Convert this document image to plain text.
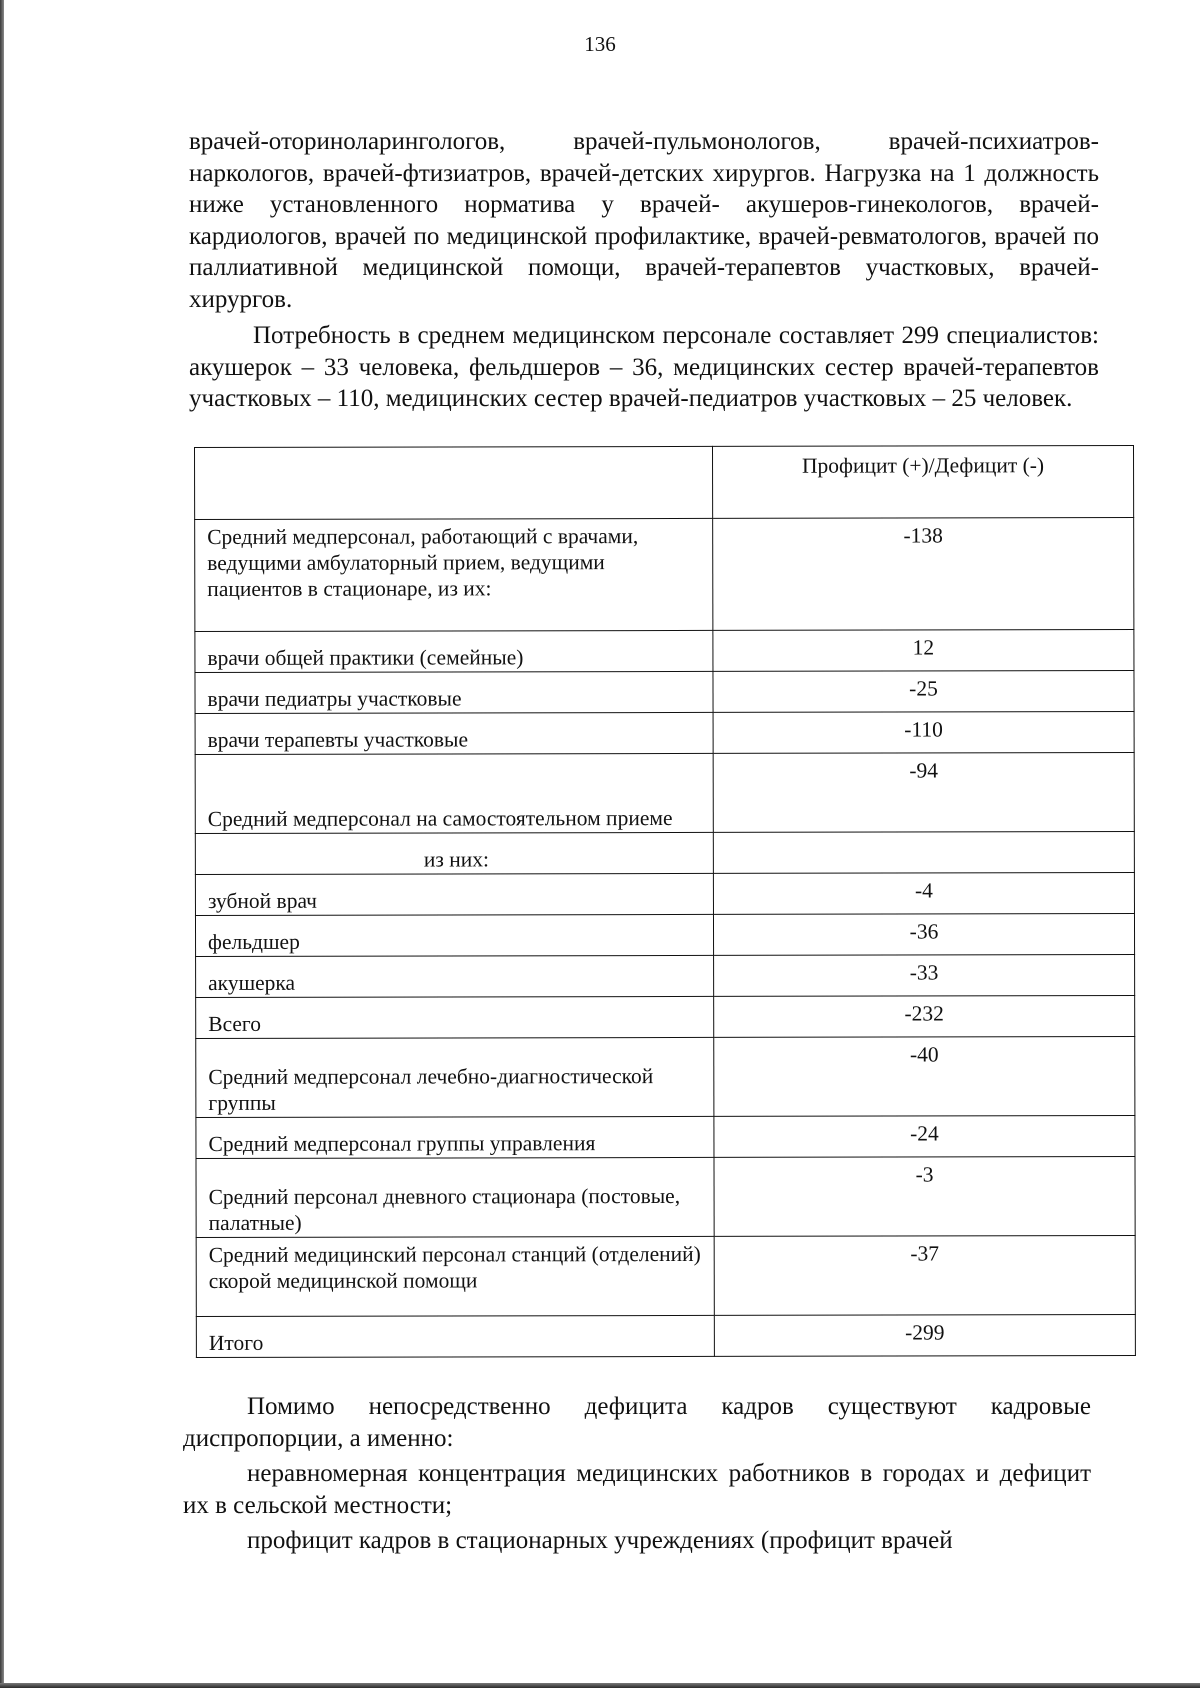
136
врачей-оториноларингологов, врачей-пульмонологов, врачей-психиатров-наркологов, врачей-фтизиатров, врачей-детских хирургов. Нагрузка на 1 должность ниже установленного норматива у врачей- акушеров-гинекологов, врачей-кардиологов, врачей по медицинской профилактике, врачей-ревматологов, врачей по паллиативной медицинской помощи, врачей-терапевтов участковых, врачей-хирургов.
Потребность в среднем медицинском персонале составляет 299 специалистов: акушерок – 33 человека, фельдшеров – 36, медицинских сестер врачей-терапевтов участковых – 110, медицинских сестер врачей-педиатров участковых – 25 человек.
	Профицит (+)/Дефицит (-)
Средний медперсонал, работающий с врачами, ведущими амбулаторный прием, ведущими пациентов в стационаре, из их:	-138
врачи общей практики (семейные)	12
врачи педиатры участковые	-25
врачи терапевты участковые	-110
Средний медперсонал на самостоятельном приеме	-94
из них:	
зубной врач	-4
фельдшер	-36
акушерка	-33
Всего	-232
Средний медперсонал лечебно-диагностической группы	-40
Средний медперсонал группы управления	-24
Средний персонал дневного стационара (постовые, палатные)	-3
Средний медицинский персонал станций (отделений) скорой медицинской помощи	-37
Итого	-299
Помимо непосредственно дефицита кадров существуют кадровые диспропорции, а именно:
неравномерная концентрация медицинских работников в городах и дефицит их в сельской местности;
профицит кадров в стационарных учреждениях (профицит врачей
